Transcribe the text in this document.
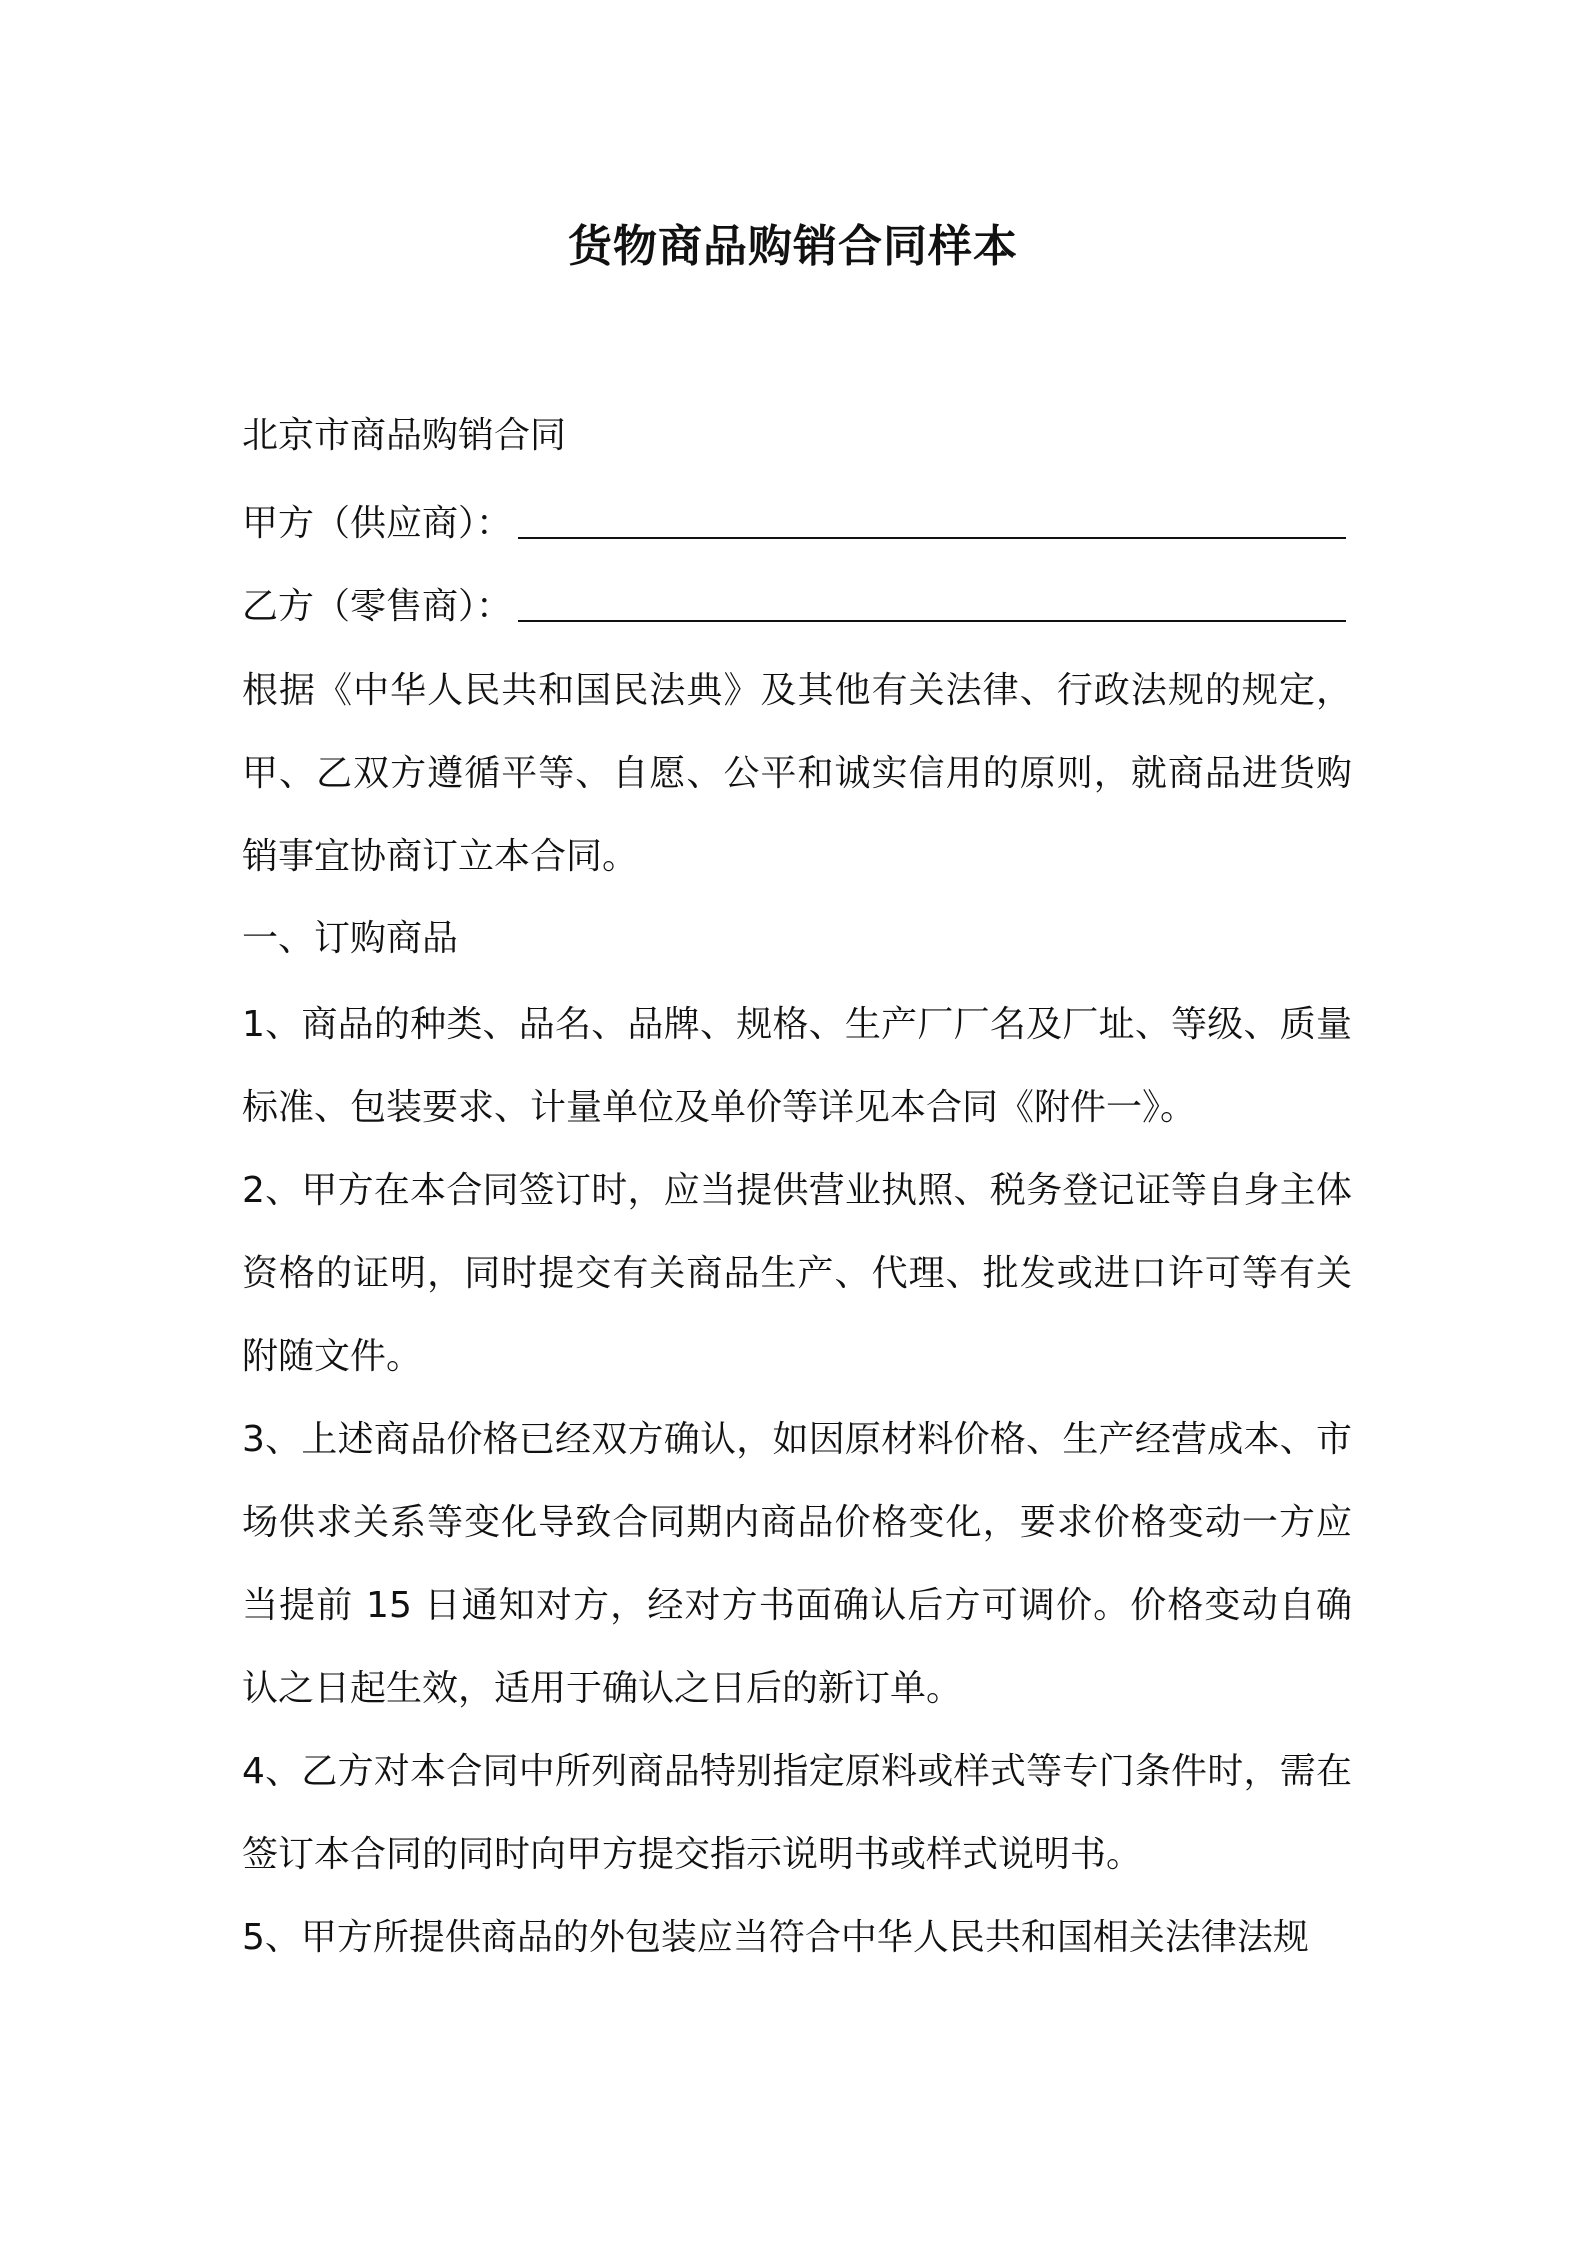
货物商品购销合同样本

北京市商品购销合同

甲方（供应商）：
乙方（零售商）：

根据《中华人民共和国民法典》及其他有关法律、行政法规的规定，甲、乙双方遵循平等、自愿、公平和诚实信用的原则，就商品进货购销事宜协商订立本合同。

一、订购商品

1、商品的种类、品名、品牌、规格、生产厂厂名及厂址、等级、质量标准、包装要求、计量单位及单价等详见本合同《附件一》。

2、甲方在本合同签订时，应当提供营业执照、税务登记证等自身主体资格的证明，同时提交有关商品生产、代理、批发或进口许可等有关附随文件。

3、上述商品价格已经双方确认，如因原材料价格、生产经营成本、市场供求关系等变化导致合同期内商品价格变化，要求价格变动一方应当提前 15 日通知对方，经对方书面确认后方可调价。价格变动自确认之日起生效，适用于确认之日后的新订单。

4、乙方对本合同中所列商品特别指定原料或样式等专门条件时，需在签订本合同的同时向甲方提交指示说明书或样式说明书。

5、甲方所提供商品的外包装应当符合中华人民共和国相关法律法规
